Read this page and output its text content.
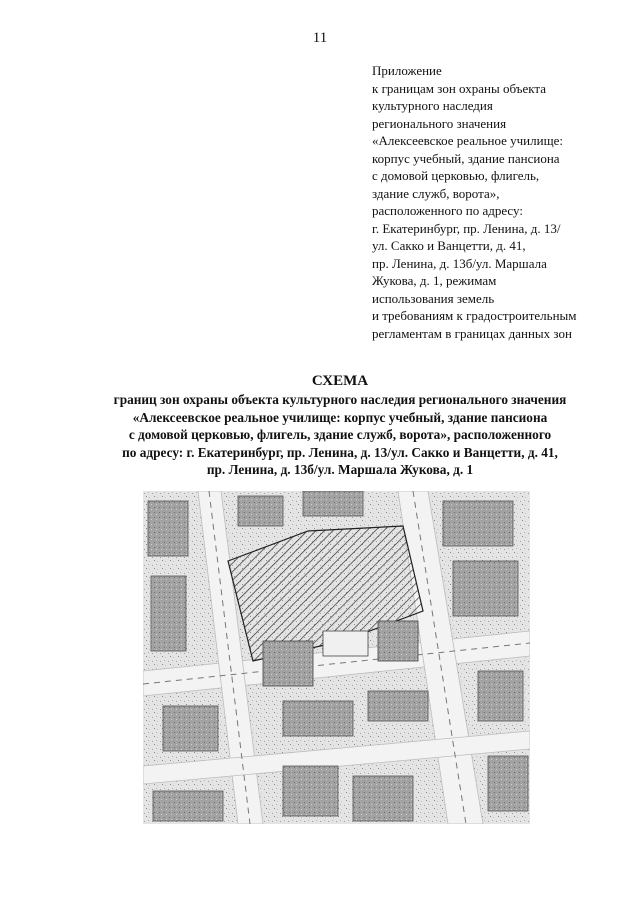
11
Приложение
к границам зон охраны объекта
культурного наследия
регионального значения
«Алексеевское реальное училище:
корпус учебный, здание пансиона
с домовой церковью, флигель,
здание служб, ворота»,
расположенного по адресу:
г. Екатеринбург, пр. Ленина, д. 13/
ул. Сакко и Ванцетти, д. 41,
пр. Ленина, д. 13б/ул. Маршала
Жукова, д. 1, режимам
использования земель
и требованиям к градостроительным
регламентам в границах данных зон
СХЕМА
границ зон охраны объекта культурного наследия регионального значения
«Алексеевское реальное училище: корпус учебный, здание пансиона
с домовой церковью, флигель, здание служб, ворота», расположенного
по адресу: г. Екатеринбург, пр. Ленина, д. 13/ул. Сакко и Ванцетти, д. 41,
пр. Ленина, д. 13б/ул. Маршала Жукова, д. 1
